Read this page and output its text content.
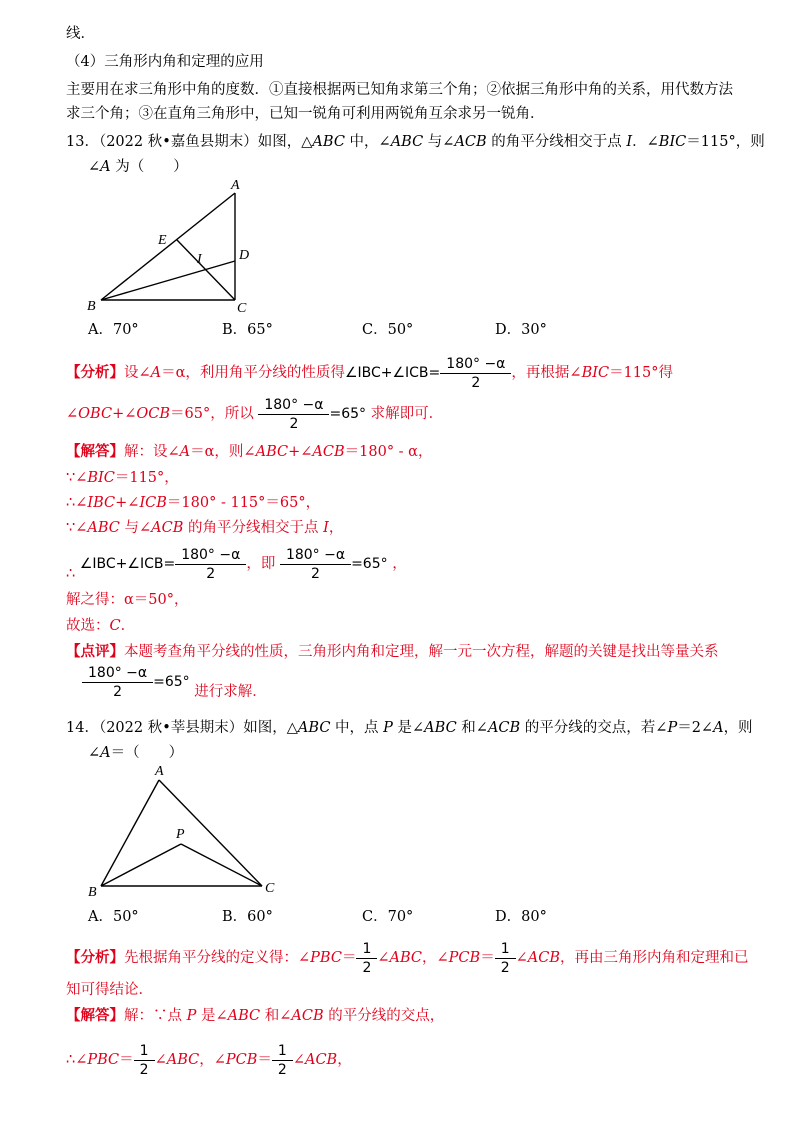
线．
（4）三角形内角和定理的应用
主要用在求三角形中角的度数．①直接根据两已知角求第三个角；②依据三角形中角的关系，用代数方法
求三个角；③在直角三角形中，已知一锐角可利用两锐角互余求另一锐角．
13．（2022 秋•嘉鱼县期末）如图，△ABC 中，∠ABC 与∠ACB 的角平分线相交于点 I．∠BIC＝115°，则
∠A 为（　　）
A
B	C
D
E
I
A．70°	B．65°	C．50°	D．30°
【分析】设∠A＝α，利用角平分线的性质得∠IBC+∠ICB= $\frac{180^\circ -\alpha}{2}$ ，再根据∠BIC＝115°得
∠OBC+∠OCB＝65°，所以 $\frac{180^\circ -\alpha}{2} =65^\circ$ 求解即可．
【解答】解：设∠A＝α，则∠ABC+∠ACB＝180° - α，
∵∠BIC＝115°，
∴∠IBC+∠ICB＝180° - 115°＝65°，
∵∠ABC 与∠ACB 的角平分线相交于点 I，
∴ ∠IBC+∠ICB= $\frac{180^\circ -\alpha}{2}$ ，即 $\frac{180^\circ -\alpha}{2} =65^\circ$ ，
解之得：α＝50°，
故选：C．
【点评】本题考查角平分线的性质，三角形内角和定理，解一元一次方程，解题的关键是找出等量关系
$\frac{180^\circ -\alpha}{2} =65^\circ$ 进行求解．
14．（2022 秋•莘县期末）如图，△ABC 中，点 P 是∠ABC 和∠ACB 的平分线的交点，若∠P＝2∠A，则
∠A＝（　　）
A
B	C
P
A．50°	B．60°	C．70°	D．80°
【分析】先根据角平分线的定义得：∠PBC＝ $\frac{1}{2}$ ∠ABC，∠PCB＝ $\frac{1}{2}$ ∠ACB，再由三角形内角和定理和已
知可得结论．
【解答】解：∵点 P 是∠ABC 和∠ACB 的平分线的交点，
∴∠PBC＝ $\frac{1}{2}$ ∠ABC，∠PCB＝ $\frac{1}{2}$ ∠ACB，
